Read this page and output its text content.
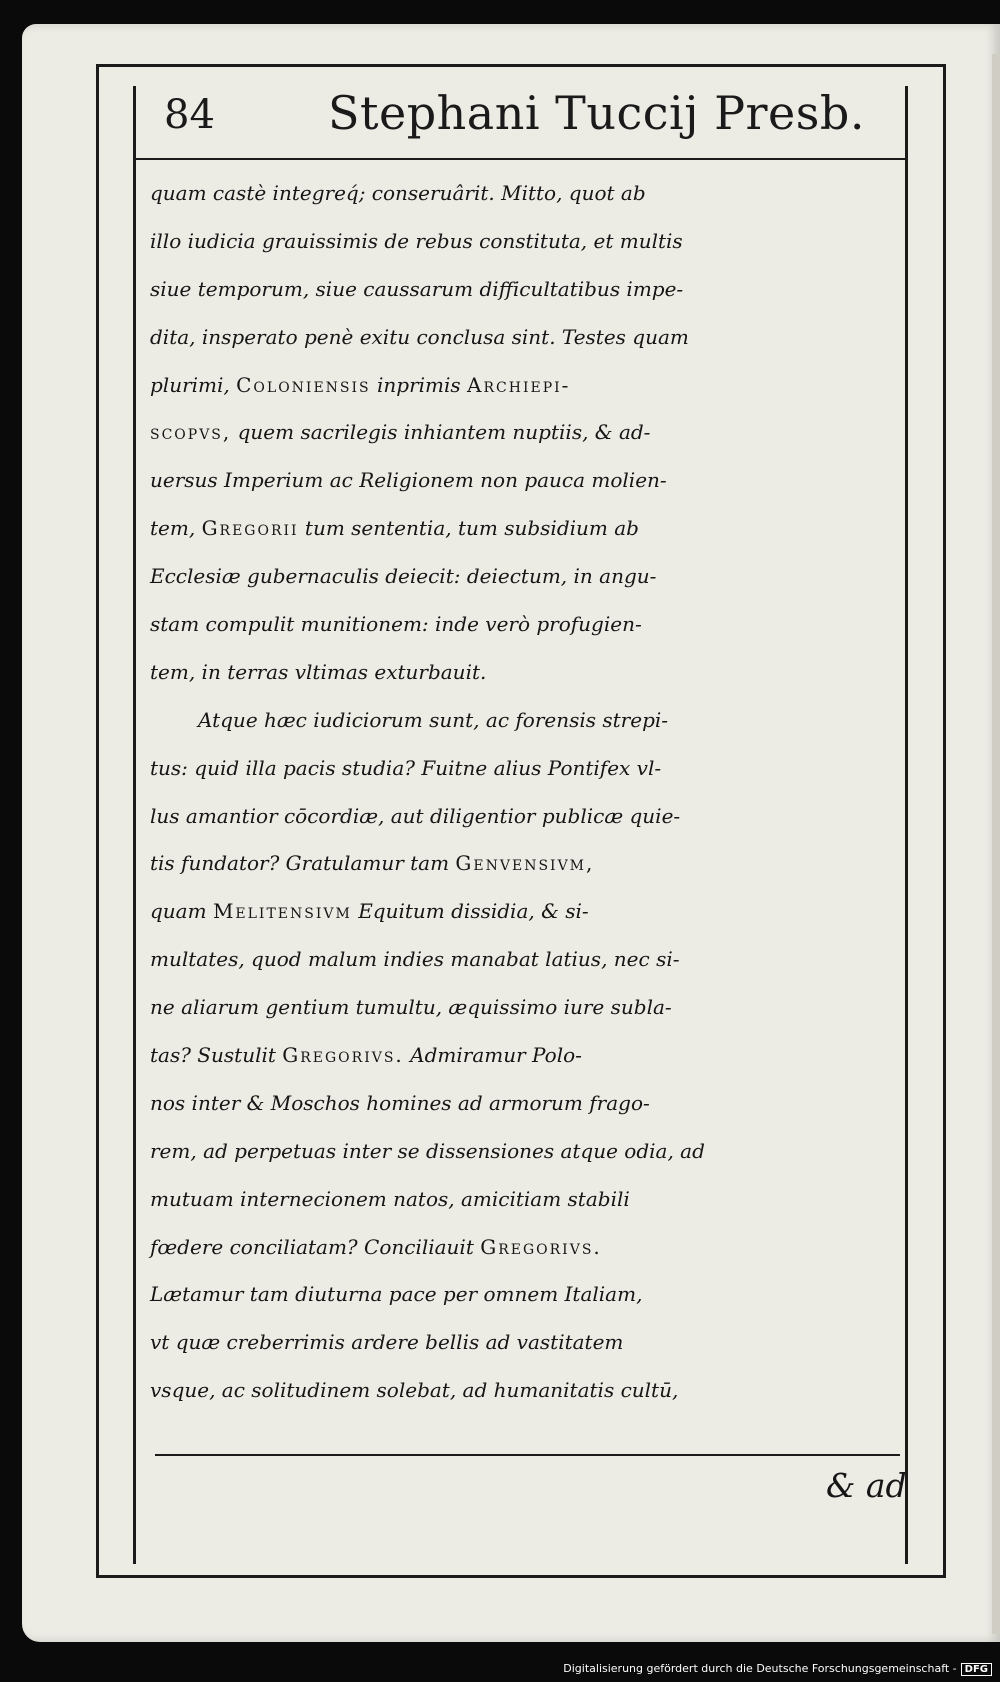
84 Stephani Tuccij Presb.
quam castè integreq́; conseruârit. Mitto, quot ab
illo iudicia grauissimis de rebus constituta, et multis
siue temporum, siue caussarum difficultatibus impe-
dita, insperato penè exitu conclusa sint. Testes quam
plurimi, Coloniensis inprimis Archiepi-
scopvs, quem sacrilegis inhiantem nuptiis, & ad-
uersus Imperium ac Religionem non pauca molien-
tem, Gregorii tum sententia, tum subsidium ab
Ecclesiæ gubernaculis deiecit: deiectum, in angu-
stam compulit munitionem: inde verò profugien-
tem, in terras vltimas exturbauit.
Atque hæc iudiciorum sunt, ac forensis strepi-
tus: quid illa pacis studia? Fuitne alius Pontifex vl-
lus amantior cōcordiæ, aut diligentior publicæ quie-
tis fundator? Gratulamur tam Genvensivm,
quam Melitensivm Equitum dissidia, & si-
multates, quod malum indies manabat latius, nec si-
ne aliarum gentium tumultu, æquissimo iure subla-
tas? Sustulit Gregorivs. Admiramur Polo-
nos inter & Moschos homines ad armorum frago-
rem, ad perpetuas inter se dissensiones atque odia, ad
mutuam internecionem natos, amicitiam stabili
fœdere conciliatam? Conciliauit Gregorivs.
Lætamur tam diuturna pace per omnem Italiam,
vt quæ creberrimis ardere bellis ad vastitatem
vsque, ac solitudinem solebat, ad humanitatis cultū,
& ad
Digitalisierung gefördert durch die Deutsche Forschungsgemeinschaft - DFG
